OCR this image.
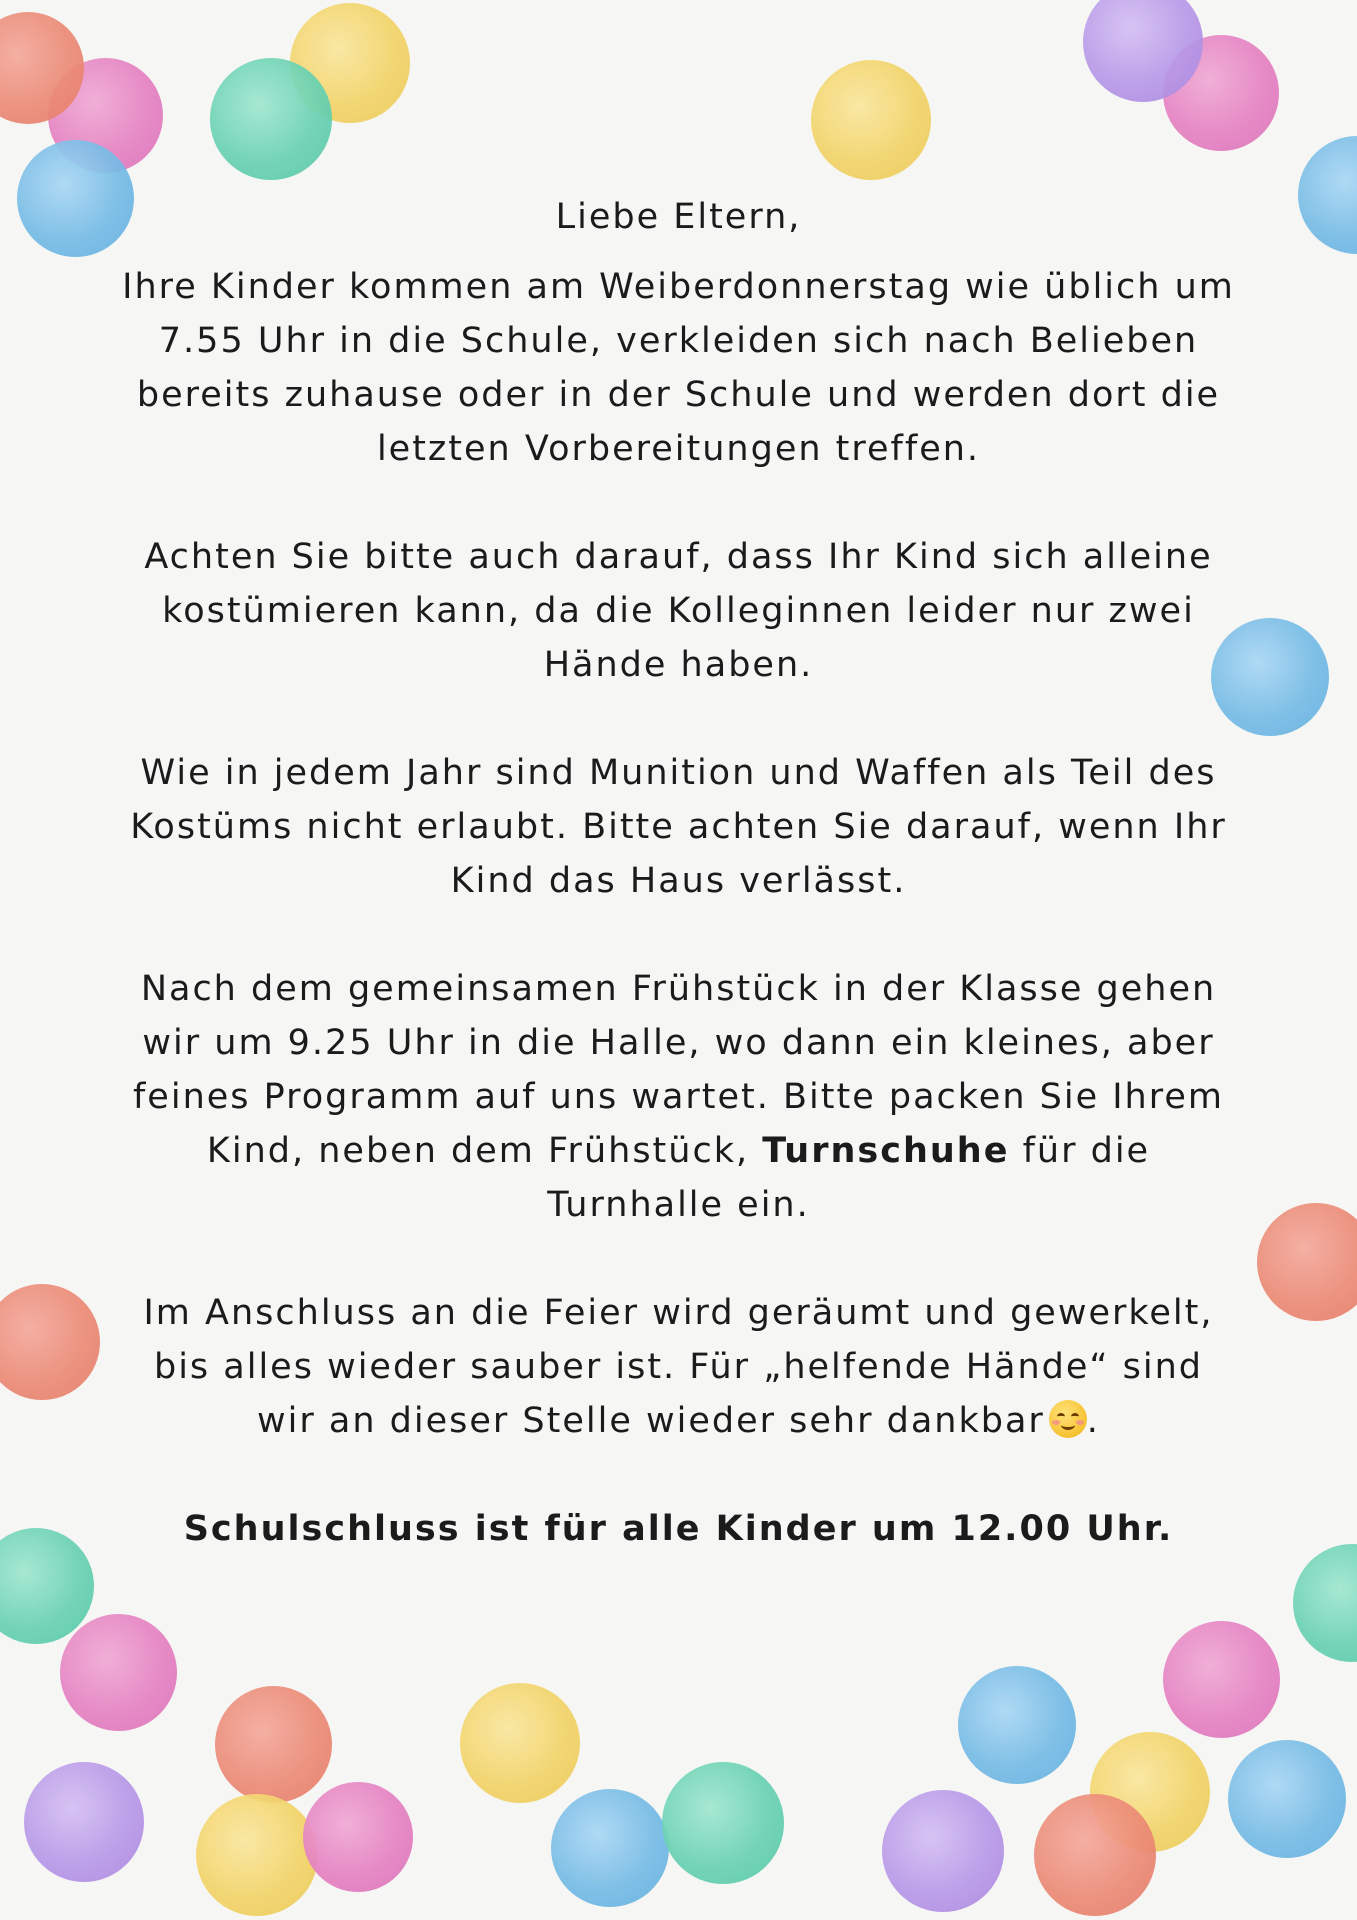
Liebe Eltern,

Ihre Kinder kommen am Weiberdonnerstag wie üblich um 7.55 Uhr in die Schule, verkleiden sich nach Belieben bereits zuhause oder in der Schule und werden dort die letzten Vorbereitungen treffen.

Achten Sie bitte auch darauf, dass Ihr Kind sich alleine kostümieren kann, da die Kolleginnen leider nur zwei Hände haben.

Wie in jedem Jahr sind Munition und Waffen als Teil des Kostüms nicht erlaubt. Bitte achten Sie darauf, wenn Ihr Kind das Haus verlässt.

Nach dem gemeinsamen Frühstück in der Klasse gehen wir um 9.25 Uhr in die Halle, wo dann ein kleines, aber feines Programm auf uns wartet. Bitte packen Sie Ihrem Kind, neben dem Frühstück, Turnschuhe für die Turnhalle ein.

Im Anschluss an die Feier wird geräumt und gewerkelt, bis alles wieder sauber ist. Für „helfende Hände“ sind wir an dieser Stelle wieder sehr dankbar .

Schulschluss ist für alle Kinder um 12.00 Uhr.
